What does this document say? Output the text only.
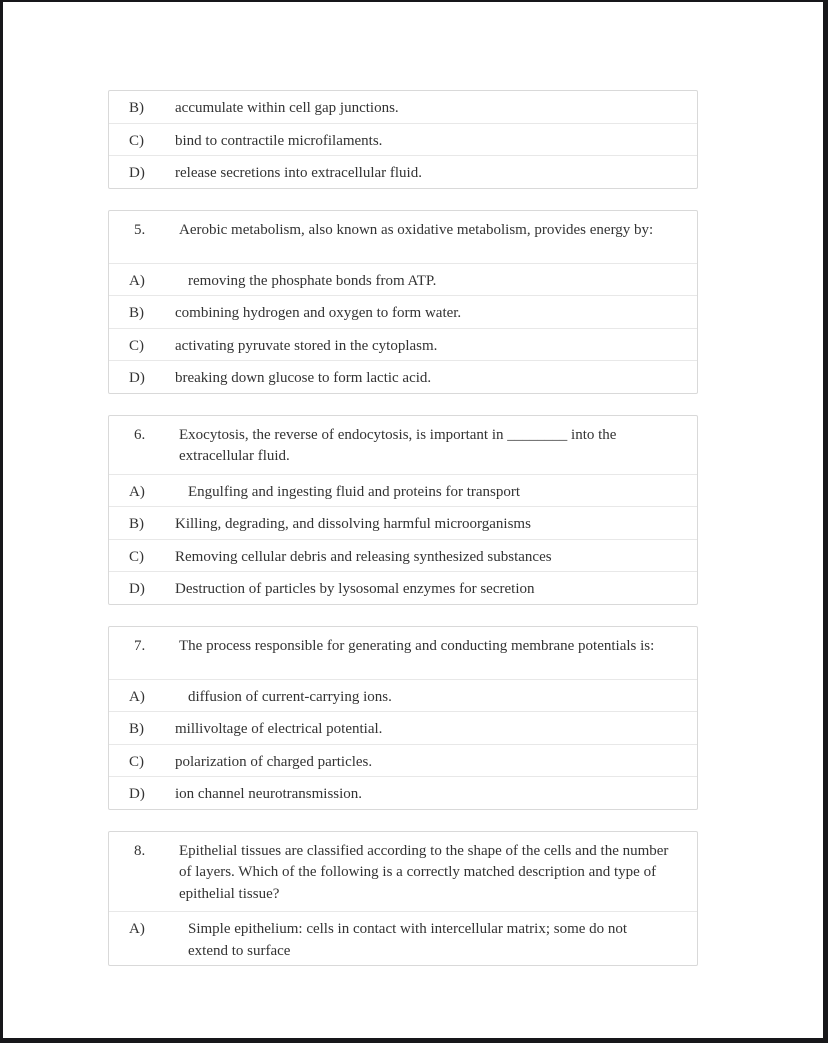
B)	accumulate within cell gap junctions.
C)	bind to contractile microfilaments.
D)	release secretions into extracellular fluid.
5.	Aerobic metabolism, also known as oxidative metabolism, provides energy by:
A)	removing the phosphate bonds from ATP.
B)	combining hydrogen and oxygen to form water.
C)	activating pyruvate stored in the cytoplasm.
D)	breaking down glucose to form lactic acid.
6.	Exocytosis, the reverse of endocytosis, is important in ________ into the extracellular fluid.
A)	Engulfing and ingesting fluid and proteins for transport
B)	Killing, degrading, and dissolving harmful microorganisms
C)	Removing cellular debris and releasing synthesized substances
D)	Destruction of particles by lysosomal enzymes for secretion
7.	The process responsible for generating and conducting membrane potentials is:
A)	diffusion of current-carrying ions.
B)	millivoltage of electrical potential.
C)	polarization of charged particles.
D)	ion channel neurotransmission.
8.	Epithelial tissues are classified according to the shape of the cells and the number of layers. Which of the following is a correctly matched description and type of epithelial tissue?
A)	Simple epithelium: cells in contact with intercellular matrix; some do not extend to surface
